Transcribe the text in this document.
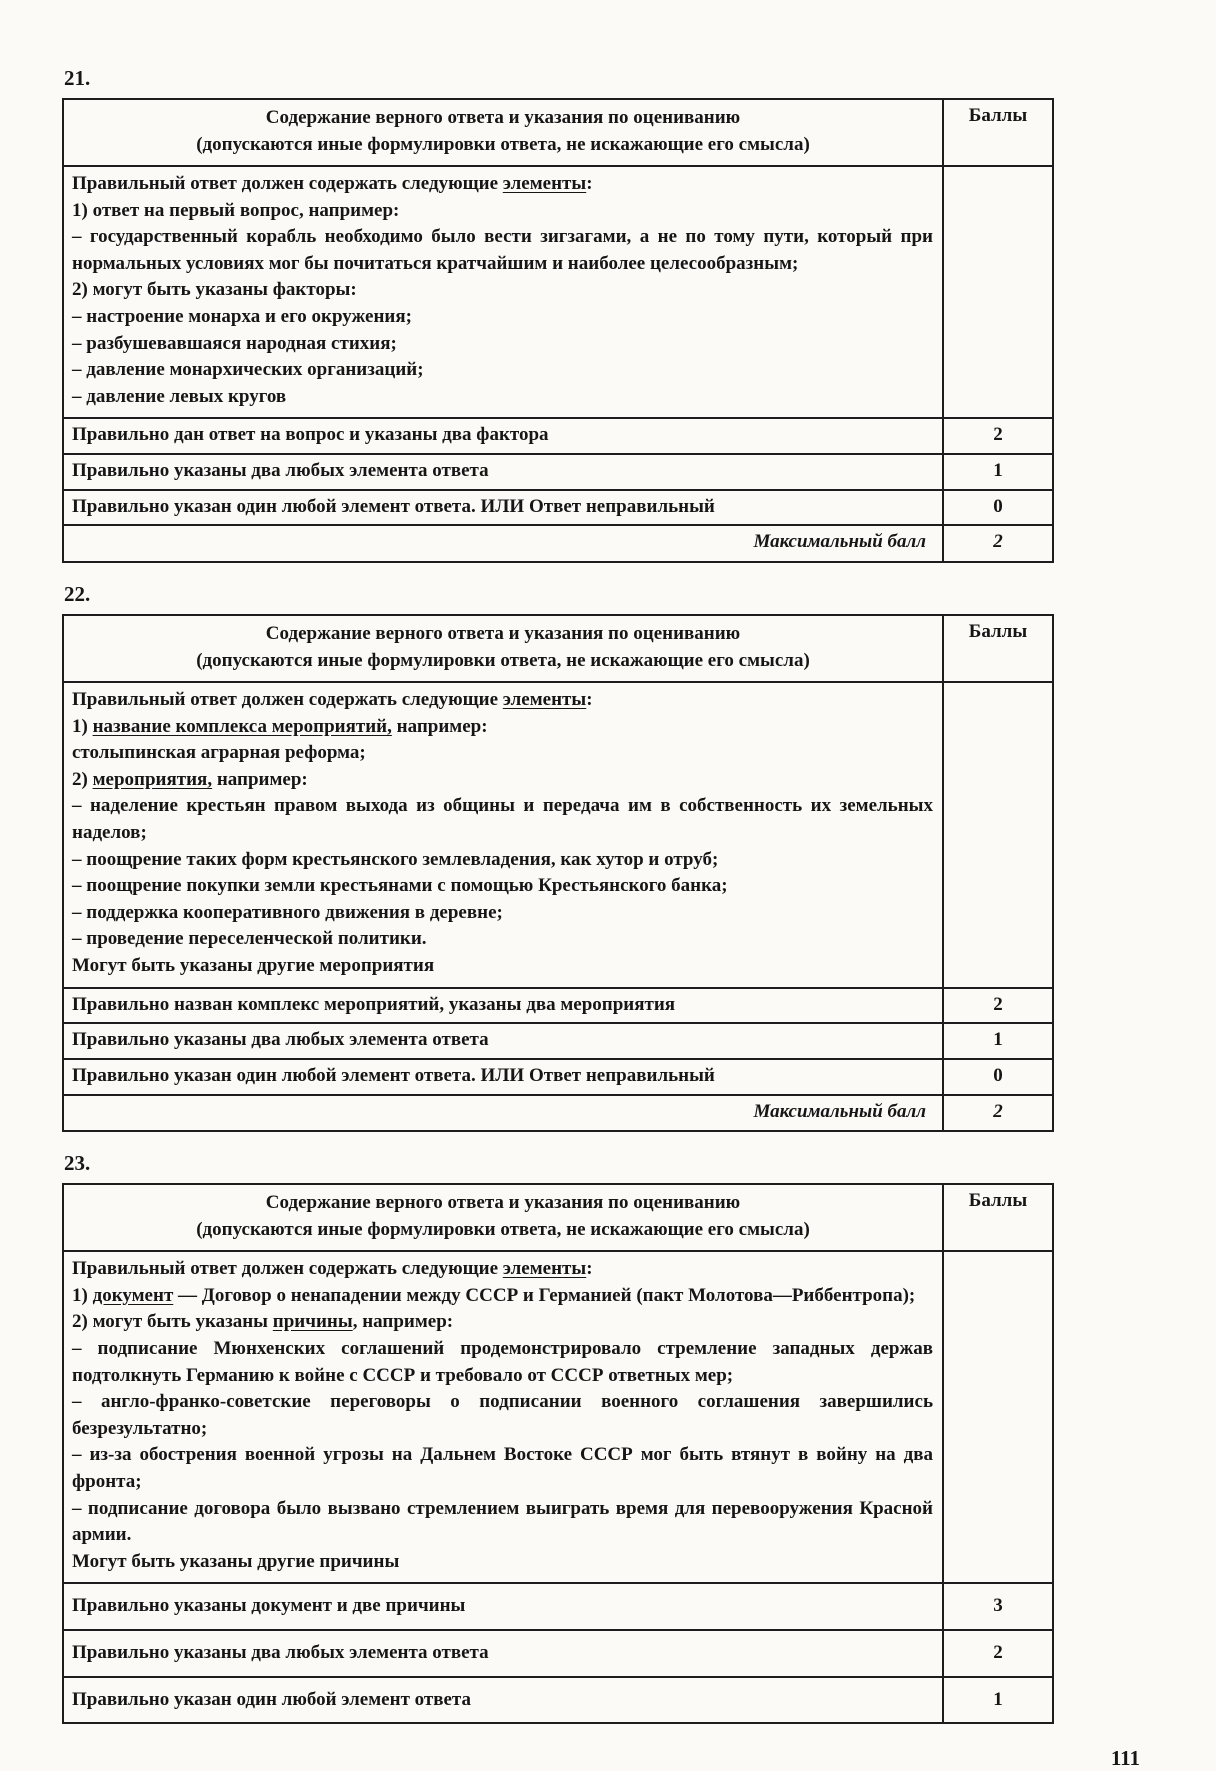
21.
Содержание верного ответа и указания по оцениванию
(допускаются иные формулировки ответа, не искажающие его смысла)	Баллы

Правильный ответ должен содержать следующие элементы:
1) ответ на первый вопрос, например:
– государственный корабль необходимо было вести зигзагами, а не по тому пути, который при нормальных условиях мог бы почитаться кратчайшим и наиболее целесообразным;
2) могут быть указаны факторы:
– настроение монарха и его окружения;
– разбушевавшаяся народная стихия;
– давление монархических организаций;
– давление левых кругов

Правильно дан ответ на вопрос и указаны два фактора	2
Правильно указаны два любых элемента ответа	1
Правильно указан один любой элемент ответа. ИЛИ Ответ неправильный	0
Максимальный балл	2
22.
Содержание верного ответа и указания по оцениванию
(допускаются иные формулировки ответа, не искажающие его смысла)	Баллы

Правильный ответ должен содержать следующие элементы:
1) название комплекса мероприятий, например:
столыпинская аграрная реформа;
2) мероприятия, например:
– наделение крестьян правом выхода из общины и передача им в собственность их земельных наделов;
– поощрение таких форм крестьянского землевладения, как хутор и отруб;
– поощрение покупки земли крестьянами с помощью Крестьянского банка;
– поддержка кооперативного движения в деревне;
– проведение переселенческой политики.
Могут быть указаны другие мероприятия

Правильно назван комплекс мероприятий, указаны два мероприятия	2
Правильно указаны два любых элемента ответа	1
Правильно указан один любой элемент ответа. ИЛИ Ответ неправильный	0
Максимальный балл	2
23.
Содержание верного ответа и указания по оцениванию
(допускаются иные формулировки ответа, не искажающие его смысла)	Баллы

Правильный ответ должен содержать следующие элементы:
1) документ — Договор о ненападении между СССР и Германией (пакт Молотова—Риббентропа);
2) могут быть указаны причины, например:
– подписание Мюнхенских соглашений продемонстрировало стремление западных держав подтолкнуть Германию к войне с СССР и требовало от СССР ответных мер;
– англо-франко-советские переговоры о подписании военного соглашения завершились безрезультатно;
– из-за обострения военной угрозы на Дальнем Востоке СССР мог быть втянут в войну на два фронта;
– подписание договора было вызвано стремлением выиграть время для перевооружения Красной армии.
Могут быть указаны другие причины

Правильно указаны документ и две причины	3
Правильно указаны два любых элемента ответа	2
Правильно указан один любой элемент ответа	1
111
